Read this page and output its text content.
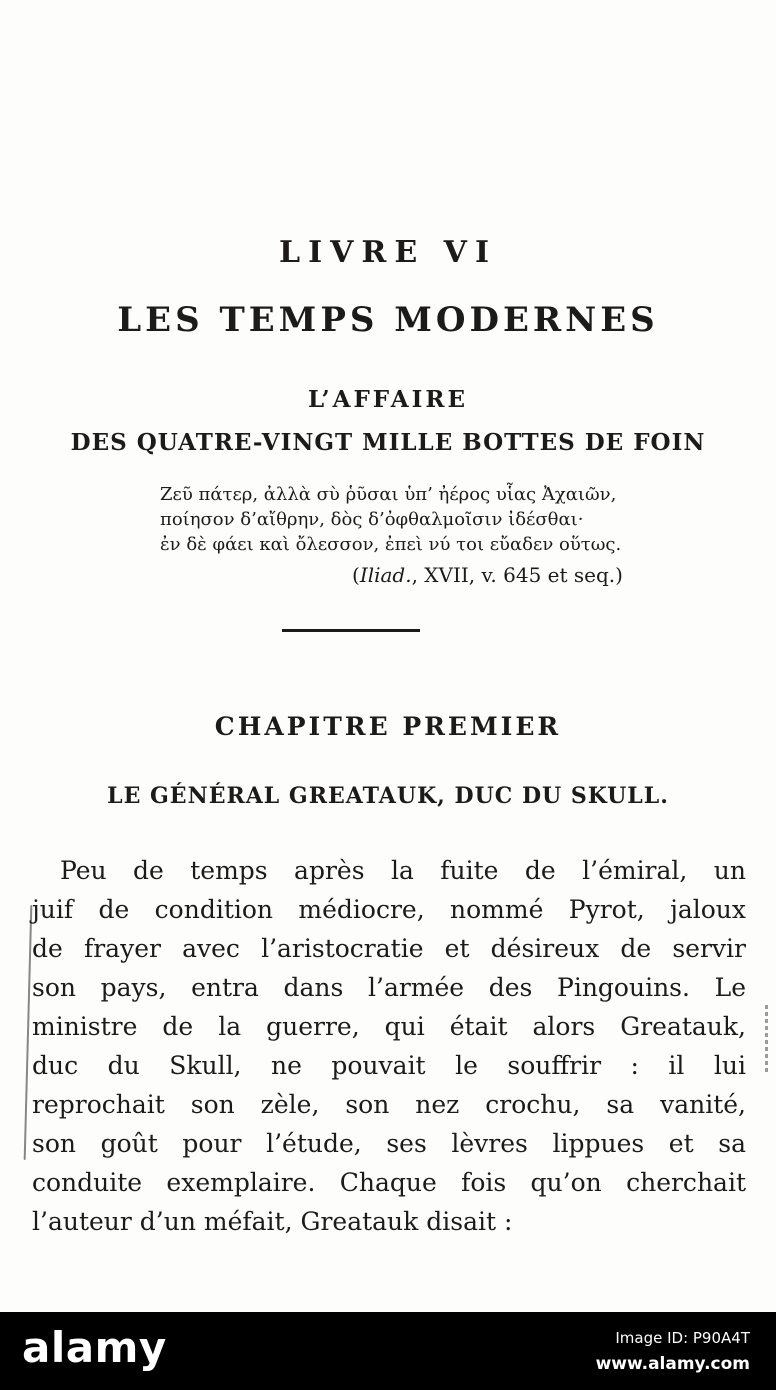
LIVRE VI
LES TEMPS MODERNES
L’AFFAIRE
DES QUATRE-VINGT MILLE BOTTES DE FOIN
Ζεῦ πάτερ, ἀλλὰ σὺ ῥῦσαι ὑπ’ ἠέρος υἷας Ἀχαιῶν,
ποίησον δ’αἴθρην, δὸς δ’ὀφθαλμοῖσιν ἰδέσθαι·
ἐν δὲ φάει καὶ ὄλεσσον, ἐπεὶ νύ τοι εὔαδεν οὕτως.
(Iliad., XVII, v. 645 et seq.)
CHAPITRE PREMIER
LE GÉNÉRAL GREATAUK, DUC DU SKULL.
Peu de temps après la fuite de l’émiral, un
juif de condition médiocre, nommé Pyrot, jaloux
de frayer avec l’aristocratie et désireux de servir
son pays, entra dans l’armée des Pingouins. Le
ministre de la guerre, qui était alors Greatauk,
duc du Skull, ne pouvait le souffrir : il lui
reprochait son zèle, son nez crochu, sa vanité,
son goût pour l’étude, ses lèvres lippues et sa
conduite exemplaire. Chaque fois qu’on cherchait
l’auteur d’un méfait, Greatauk disait :
alamy	Image ID: P90A4T
www.alamy.com
